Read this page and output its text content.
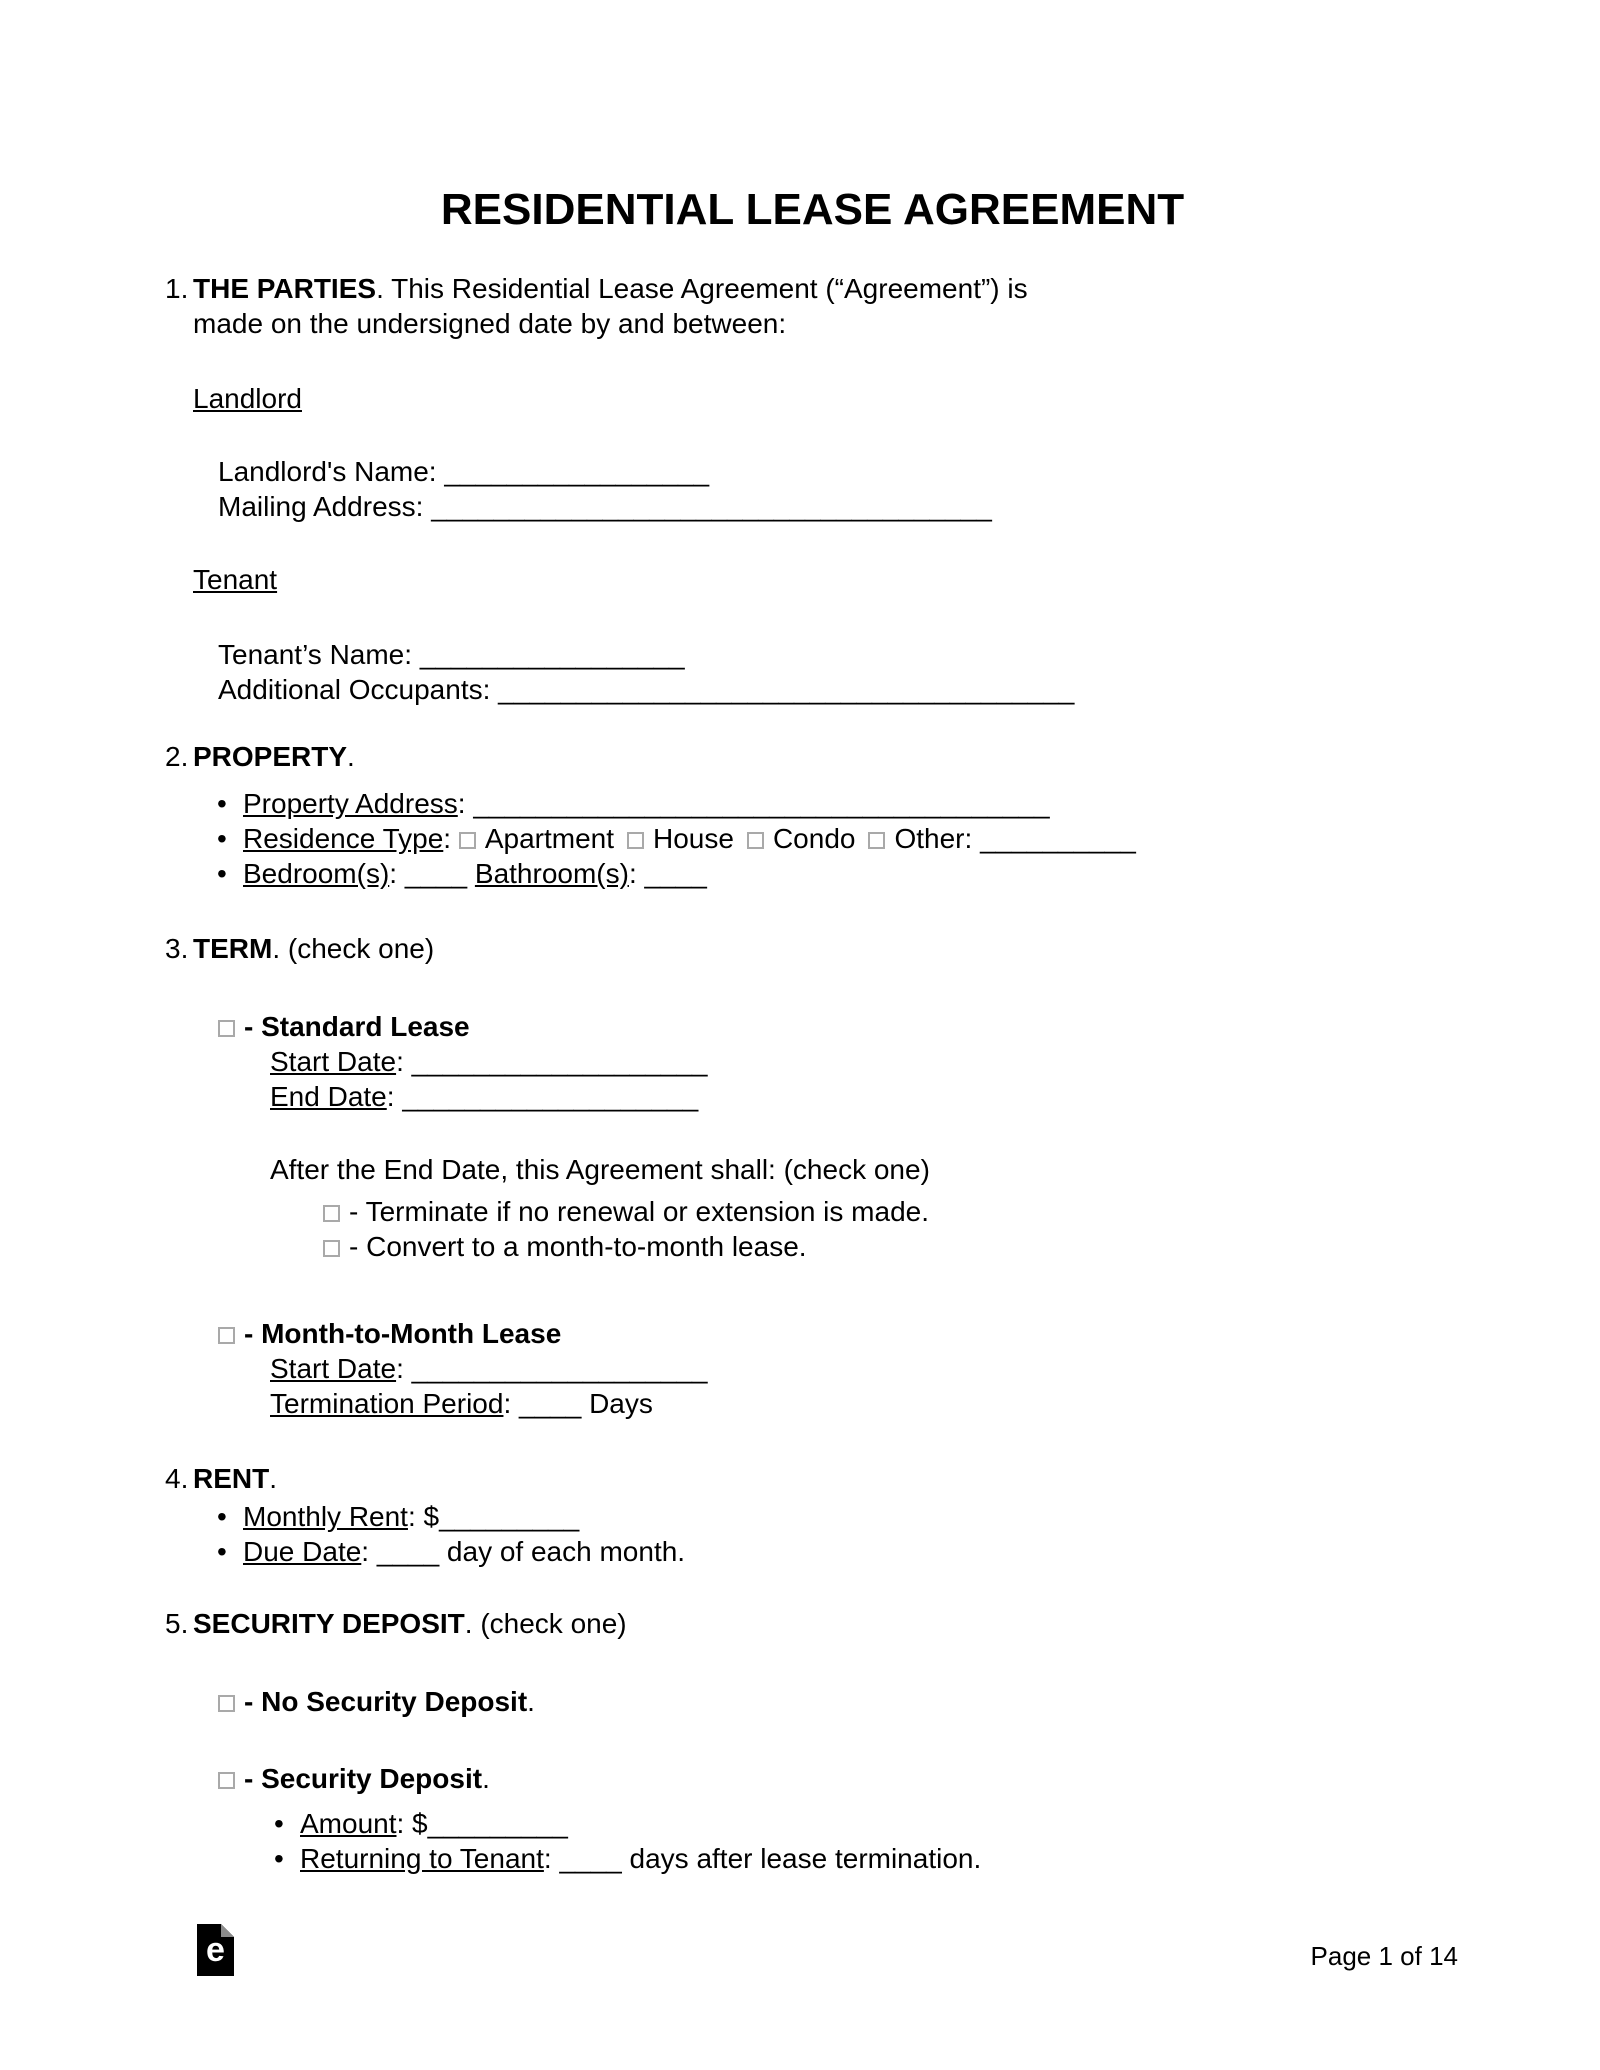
RESIDENTIAL LEASE AGREEMENT
1. THE PARTIES. This Residential Lease Agreement (“Agreement”) is made on the undersigned date by and between:
Landlord
Landlord's Name: _________________
Mailing Address: ____________________________________
Tenant
Tenant’s Name: _________________
Additional Occupants: _____________________________________
2. PROPERTY.
• Property Address: _____________________________________
• Residence Type: Apartment House Condo Other: __________
• Bedroom(s): ____ Bathroom(s): ____
3. TERM. (check one)
- Standard Lease
Start Date: ___________________
End Date: ___________________
After the End Date, this Agreement shall: (check one)
- Terminate if no renewal or extension is made.
- Convert to a month-to-month lease.
- Month-to-Month Lease
Start Date: ___________________
Termination Period: ____ Days
4. RENT.
• Monthly Rent: $_________
• Due Date: ____ day of each month.
5. SECURITY DEPOSIT. (check one)
- No Security Deposit.
- Security Deposit.
• Amount: $_________
• Returning to Tenant: ____ days after lease termination.
e	Page 1 of 14
